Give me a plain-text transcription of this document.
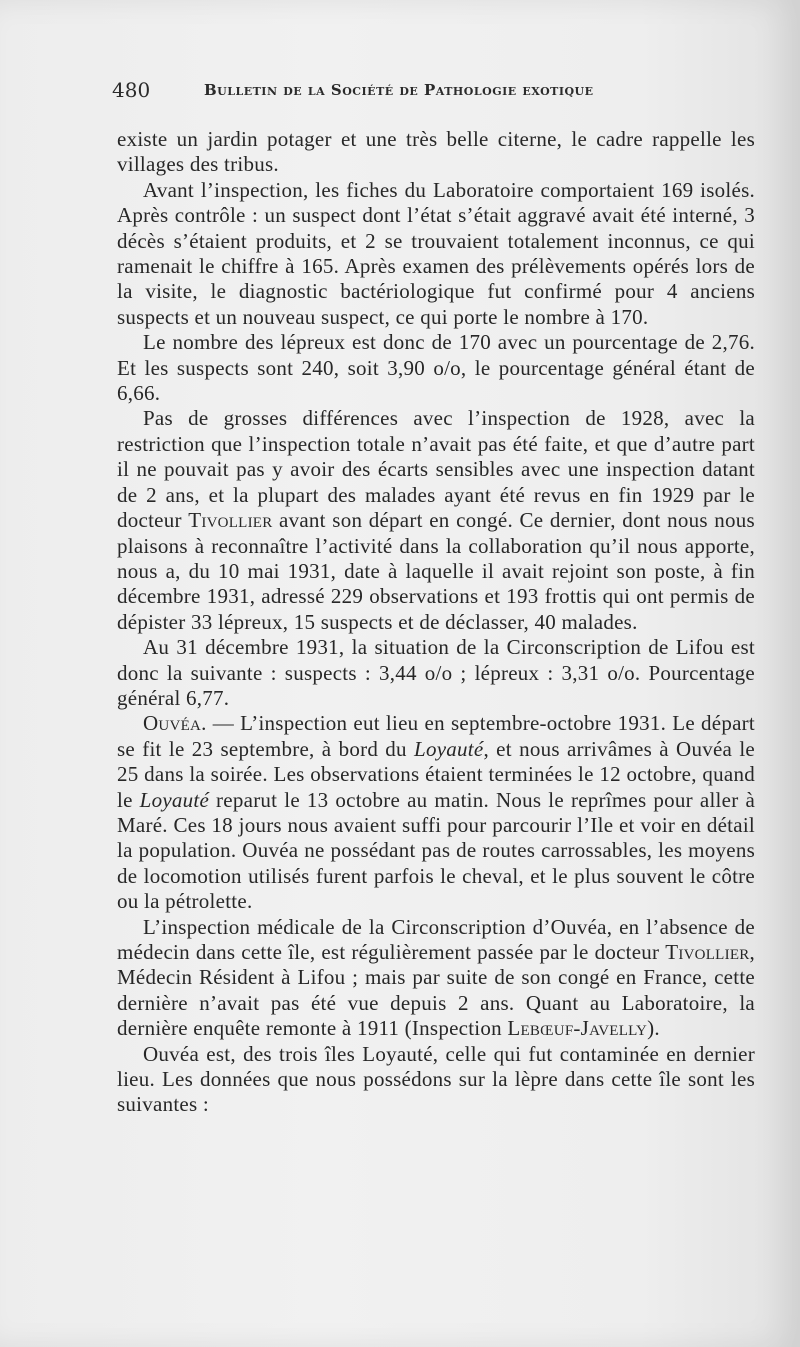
480	Bulletin de la Société de Pathologie exotique

existe un jardin potager et une très belle citerne, le cadre rappelle les villages des tribus.

Avant l’inspection, les fiches du Laboratoire comportaient 169 isolés. Après contrôle : un suspect dont l’état s’était aggravé avait été interné, 3 décès s’étaient produits, et 2 se trouvaient totalement inconnus, ce qui ramenait le chiffre à 165. Après examen des prélèvements opérés lors de la visite, le diagnostic bactériologique fut confirmé pour 4 anciens suspects et un nouveau suspect, ce qui porte le nombre à 170.

Le nombre des lépreux est donc de 170 avec un pourcentage de 2,76. Et les suspects sont 240, soit 3,90 o/o, le pourcentage général étant de 6,66.

Pas de grosses différences avec l’inspection de 1928, avec la restriction que l’inspection totale n’avait pas été faite, et que d’autre part il ne pouvait pas y avoir des écarts sensibles avec une inspection datant de 2 ans, et la plupart des malades ayant été revus en fin 1929 par le docteur Tivollier avant son départ en congé. Ce dernier, dont nous nous plaisons à reconnaître l’activité dans la collaboration qu’il nous apporte, nous a, du 10 mai 1931, date à laquelle il avait rejoint son poste, à fin décembre 1931, adressé 229 observations et 193 frottis qui ont permis de dépister 33 lépreux, 15 suspects et de déclasser, 40 malades.

Au 31 décembre 1931, la situation de la Circonscription de Lifou est donc la suivante : suspects : 3,44 o/o ; lépreux : 3,31 o/o. Pourcentage général 6,77.

Ouvéa. — L’inspection eut lieu en septembre-octobre 1931. Le départ se fit le 23 septembre, à bord du Loyauté, et nous arrivâmes à Ouvéa le 25 dans la soirée. Les observations étaient terminées le 12 octobre, quand le Loyauté reparut le 13 octobre au matin. Nous le reprîmes pour aller à Maré. Ces 18 jours nous avaient suffi pour parcourir l’Ile et voir en détail la population. Ouvéa ne possédant pas de routes carrossables, les moyens de locomotion utilisés furent parfois le cheval, et le plus souvent le côtre ou la pétrolette.

L’inspection médicale de la Circonscription d’Ouvéa, en l’absence de médecin dans cette île, est régulièrement passée par le docteur Tivollier, Médecin Résident à Lifou ; mais par suite de son congé en France, cette dernière n’avait pas été vue depuis 2 ans. Quant au Laboratoire, la dernière enquête remonte à 1911 (Inspection Lebœuf-Javelly).

Ouvéa est, des trois îles Loyauté, celle qui fut contaminée en dernier lieu. Les données que nous possédons sur la lèpre dans cette île sont les suivantes :
